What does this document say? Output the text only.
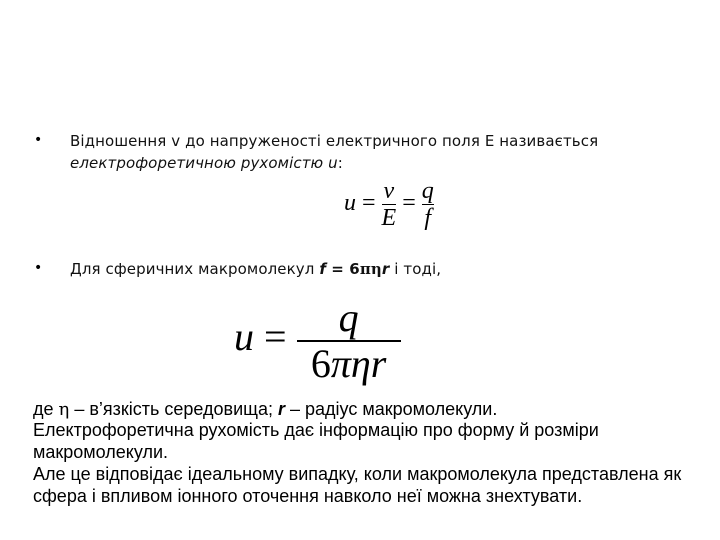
• Відношення v до напруженості електричного поля E називається
електрофоретичною рухомістю u:
$u = \frac{v}{E} = \frac{q}{f}$
• Для сферичних макромолекул f = 6πηr і тоді,
$u = \frac{q}{\text{6πηr}}$
де η – в’язкість середовища; r – радіус макромолекули.
Електрофоретична рухомість дає інформацію про форму й розміри
макромолекули.
Але це відповідає ідеальному випадку, коли макромолекула представлена як
сфера і впливом іонного оточення навколо неї можна знехтувати.
